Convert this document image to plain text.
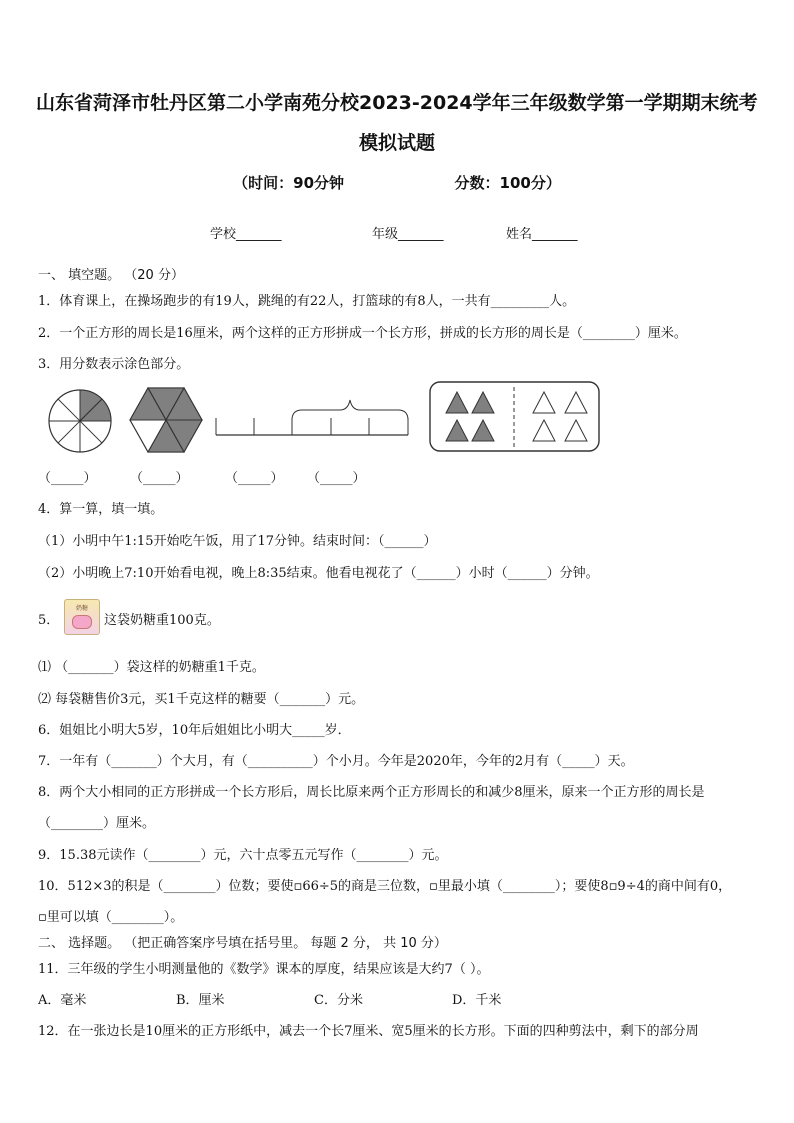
山东省菏泽市牡丹区第二小学南苑分校2023-2024学年三年级数学第一学期期末统考
模拟试题
（时间：90分钟	分数：100分）
学校_______	年级_______	姓名_______
一、 填空题。 （20 分）
1．体育课上，在操场跑步的有19人，跳绳的有22人，打篮球的有8人，一共有_________人。
2．一个正方形的周长是16厘米，两个这样的正方形拼成一个长方形，拼成的长方形的周长是（________）厘米。
3．用分数表示涂色部分。
（_____）	（_____）	（_____） （_____）
4．算一算，填一填。
（1）小明中午1:15开始吃午饭，用了17分钟。结束时间：（______）
（2）小明晚上7:10开始看电视，晚上8:35结束。他看电视花了（______）小时（______）分钟。
5．
奶糖
这袋奶糖重100克。
⑴ （_______）袋这样的奶糖重1千克。
⑵ 每袋糖售价3元，买1千克这样的糖要（_______）元。
6．姐姐比小明大5岁，10年后姐姐比小明大_____岁．
7．一年有（_______）个大月，有（__________）个小月。今年是2020年，今年的2月有（_____）天。
8．两个大小相同的正方形拼成一个长方形后，周长比原来两个正方形周长的和减少8厘米，原来一个正方形的周长是
（________）厘米。
9．15.38元读作（________）元，六十点零五元写作（________）元。
10．512×3的积是（________）位数；要使▫66÷5的商是三位数，▫里最小填（________）；要使8▫9÷4的商中间有0，
▫里可以填（________）。
二、 选择题。 （把正确答案序号填在括号里。 每题 2 分， 共 10 分）
11．三年级的学生小明测量他的《数学》课本的厚度，结果应该是大约7（ ）。
A．毫米	B．厘米	C．分米	D．千米
12．在一张边长是10厘米的正方形纸中，减去一个长7厘米、宽5厘米的长方形。下面的四种剪法中，剩下的部分周
